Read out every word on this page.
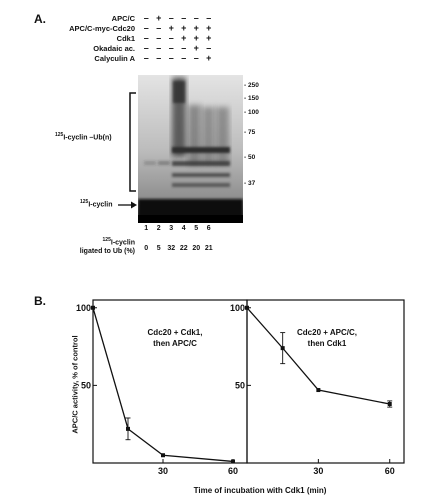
A.	APC/C – + – – – –
APC/C-myc-Cdc20 – – + + + +
Cdk1 – – – + + +
Okadaic ac. – – – – + –
Calyculin A – – – – – +
- 250
- 150
- 100
- 75
- 50
- 37
$^{125}$I-cyclin –Ub(n)
$^{125}$I-cyclin
1	2	3	4	5	6
$^{125}$I-cyclin
ligated to Ub (%)	0	5 32 22 20 21
B.
50
100
30	60
Cdc20 + Cdk1,
then APC/C
50
100
30	60
Cdc20 + APC/C,
then Cdk1
APC/C activity, % of control
Time of incubation with Cdk1 (min)
